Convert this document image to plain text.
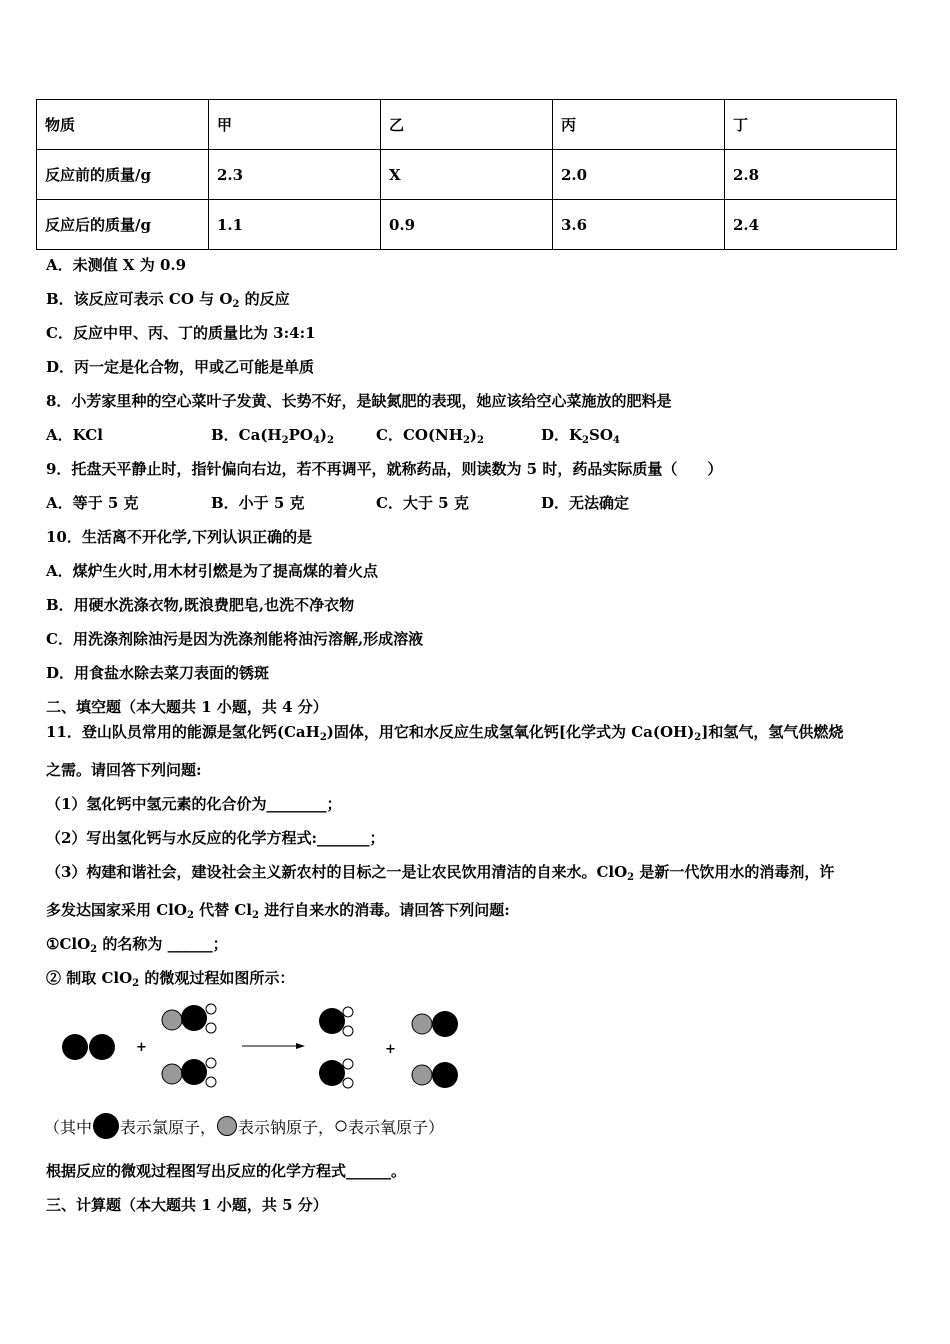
物质	甲	乙	丙	丁
反应前的质量/g	2.3	X	2.0	2.8
反应后的质量/g	1.1	0.9	3.6	2.4
A．未测值 X 为 0.9
B．该反应可表示 CO 与 $O_2$ 的反应
C．反应中甲、丙、丁的质量比为 3:4:1
D．丙一定是化合物，甲或乙可能是单质
8．小芳家里种的空心菜叶子发黄、长势不好，是缺氮肥的表现，她应该给空心菜施放的肥料是
A．KCl	B．$Ca(H_2PO_4)_2$	C．$CO(NH_2)_2$	D．$K_2SO_4$
9．托盘天平静止时，指针偏向右边，若不再调平，就称药品，则读数为 5 时，药品实际质量（　　）
A．等于 5 克	B．小于 5 克	C．大于 5 克	D．无法确定
10．生活离不开化学,下列认识正确的是
A．煤炉生火时,用木材引燃是为了提高煤的着火点
B．用硬水洗涤衣物,既浪费肥皂,也洗不净衣物
C．用洗涤剂除油污是因为洗涤剂能将油污溶解,形成溶液
D．用食盐水除去菜刀表面的锈斑
二、填空题（本大题共 1 小题，共 4 分）
11．登山队员常用的能源是氢化钙(CaH$_2$)固体，用它和水反应生成氢氧化钙[化学式为 $Ca(OH)_2$]和氢气，氢气供燃烧
之需。请回答下列问题:
（1）氢化钙中氢元素的化合价为________；
（2）写出氢化钙与水反应的化学方程式:_______；
（3）构建和谐社会，建设社会主义新农村的目标之一是让农民饮用清洁的自来水。ClO$_2$ 是新一代饮用水的消毒剂，许
多发达国家采用 ClO$_2$ 代替 $Cl_2$ 进行自来水的消毒。请回答下列问题:
①ClO$_2$ 的名称为 ______；
② 制取 ClO$_2$ 的微观过程如图所示：
+	+
（其中 表示氯原子， 表示钠原子， 表示氧原子）
根据反应的微观过程图写出反应的化学方程式______。
三、计算题（本大题共 1 小题，共 5 分）
